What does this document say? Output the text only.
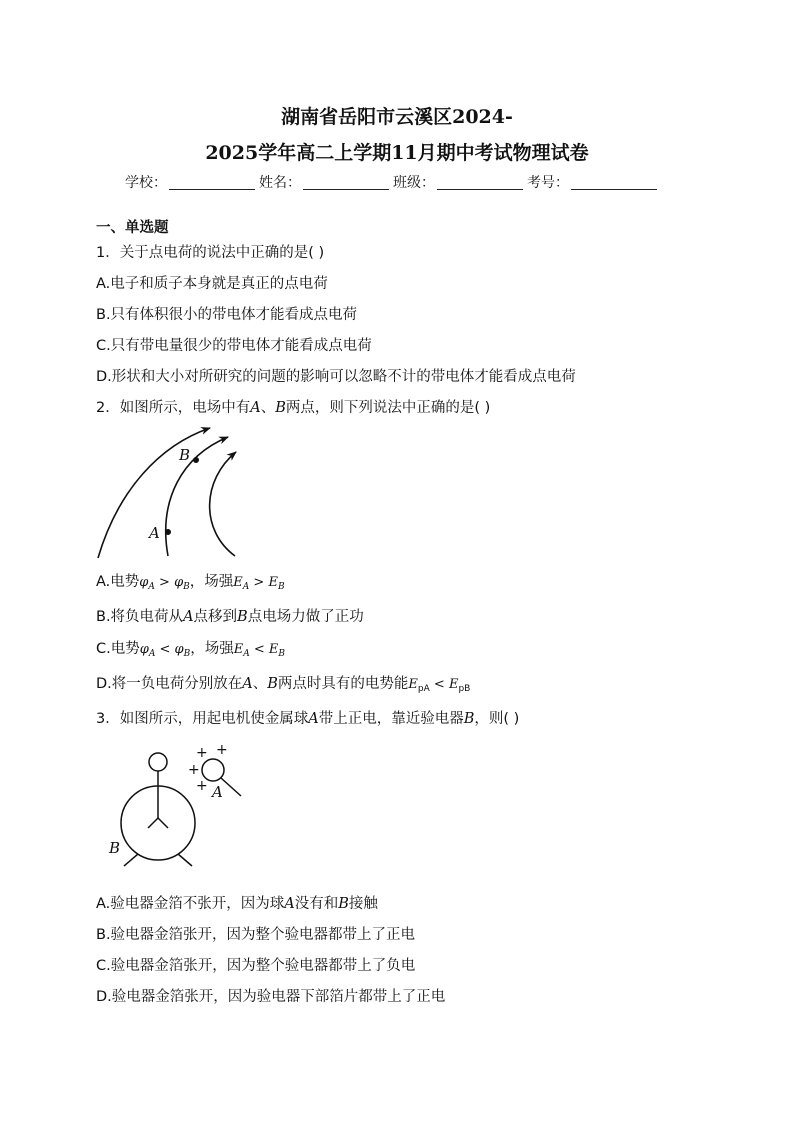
湖南省岳阳市云溪区2024-
2025学年高二上学期11月期中考试物理试卷
学校：	姓名：	班级：	考号：
一、单选题
1．关于点电荷的说法中正确的是( )
A.电子和质子本身就是真正的点电荷
B.只有体积很小的带电体才能看成点电荷
C.只有带电量很少的带电体才能看成点电荷
D.形状和大小对所研究的问题的影响可以忽略不计的带电体才能看成点电荷
2．如图所示，电场中有A、B两点，则下列说法中正确的是( )
A
B
A.电势$\varphi_A > \varphi_B$，场强$E_A > E_B$
B.将负电荷从A点移到B点电场力做了正功
C.电势$\varphi_A < \varphi_B$，场强$E_A < E_B$
D.将一负电荷分别放在A、B两点时具有的电势能$E_{pA} < E_{pB}$
3．如图所示，用起电机使金属球A带上正电，靠近验电器B，则( )
+ +
+
+ A
B
A.验电器金箔不张开，因为球A没有和B接触
B.验电器金箔张开，因为整个验电器都带上了正电
C.验电器金箔张开，因为整个验电器都带上了负电
D.验电器金箔张开，因为验电器下部箔片都带上了正电
